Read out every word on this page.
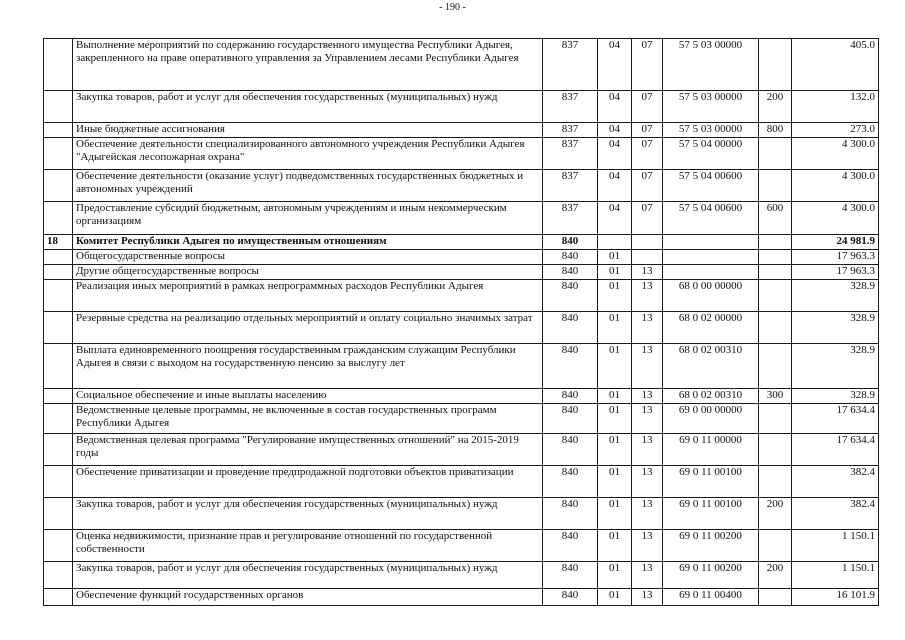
- 190 -
	Выполнение мероприятий по содержанию государственного имущества Республики Адыгея, закрепленного на праве оперативного управления за Управлением лесами Республики Адыгея	837	04	07	57 5 03 00000		405.0
	Закупка товаров, работ и услуг для обеспечения государственных (муниципальных) нужд	837	04	07	57 5 03 00000	200	132.0
	Иные бюджетные ассигнования	837	04	07	57 5 03 00000	800	273.0
	Обеспечение деятельности специализированного автономного учреждения Республики Адыгея "Адыгейская лесопожарная охрана"	837	04	07	57 5 04 00000		4 300.0
	Обеспечение деятельности (оказание услуг) подведомственных государственных бюджетных и автономных учреждений	837	04	07	57 5 04 00600		4 300.0
	Предоставление субсидий бюджетным, автономным учреждениям и иным некоммерческим организациям	837	04	07	57 5 04 00600	600	4 300.0
18	Комитет Республики Адыгея по имущественным отношениям	840					24 981.9
	Общегосударственные вопросы	840	01				17 963.3
	Другие общегосударственные вопросы	840	01	13			17 963.3
	Реализация иных мероприятий в рамках непрограммных расходов Республики Адыгея	840	01	13	68 0 00 00000		328.9
	Резервные средства на реализацию отдельных мероприятий и оплату социально значимых затрат	840	01	13	68 0 02 00000		328.9
	Выплата единовременного поощрения государственным гражданским служащим Республики Адыгея в связи с выходом на государственную пенсию за выслугу лет	840	01	13	68 0 02 00310		328.9
	Социальное обеспечение и иные выплаты населению	840	01	13	68 0 02 00310	300	328.9
	Ведомственные целевые программы, не включенные в состав государственных программ Республики Адыгея	840	01	13	69 0 00 00000		17 634.4
	Ведомственная целевая программа "Регулирование имущественных отношений" на 2015-2019 годы	840	01	13	69 0 11 00000		17 634.4
	Обеспечение приватизации и проведение предпродажной подготовки объектов приватизации	840	01	13	69 0 11 00100		382.4
	Закупка товаров, работ и услуг для обеспечения государственных (муниципальных) нужд	840	01	13	69 0 11 00100	200	382.4
	Оценка недвижимости, признание прав и регулирование отношений по государственной собственности	840	01	13	69 0 11 00200		1 150.1
	Закупка товаров, работ и услуг для обеспечения государственных (муниципальных) нужд	840	01	13	69 0 11 00200	200	1 150.1
	Обеспечение функций государственных органов	840	01	13	69 0 11 00400		16 101.9
